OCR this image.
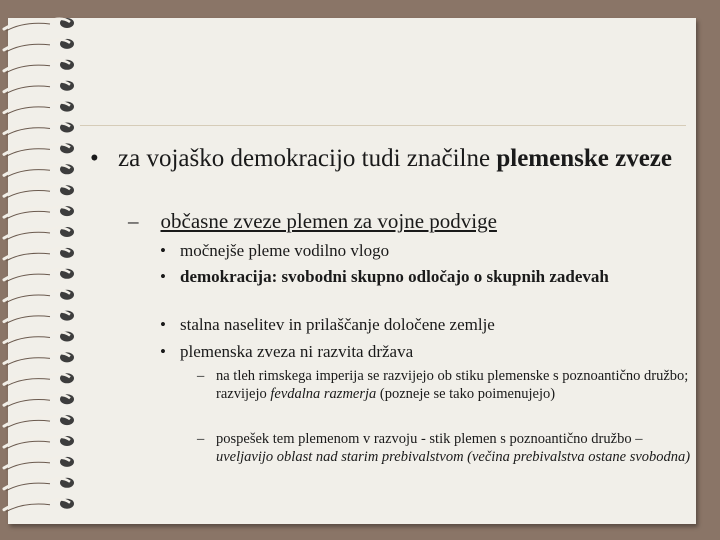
• za vojaško demokracijo tudi značilne plemenske zveze
– občasne zveze plemen za vojne podvige
• močnejše pleme vodilno vlogo
• demokracija: svobodni skupno odločajo o skupnih zadevah
• stalna naselitev in prilaščanje določene zemlje
• plemenska zveza ni razvita država
– na tleh rimskega imperija se razvijejo ob stiku plemenske s poznoantično družbo; razvijejo fevdalna razmerja (pozneje se tako poimenujejo)
– pospešek tem plemenom v razvoju - stik plemen s poznoantično družbo – uveljavijo oblast nad starim prebivalstvom (večina prebivalstva ostane svobodna)
